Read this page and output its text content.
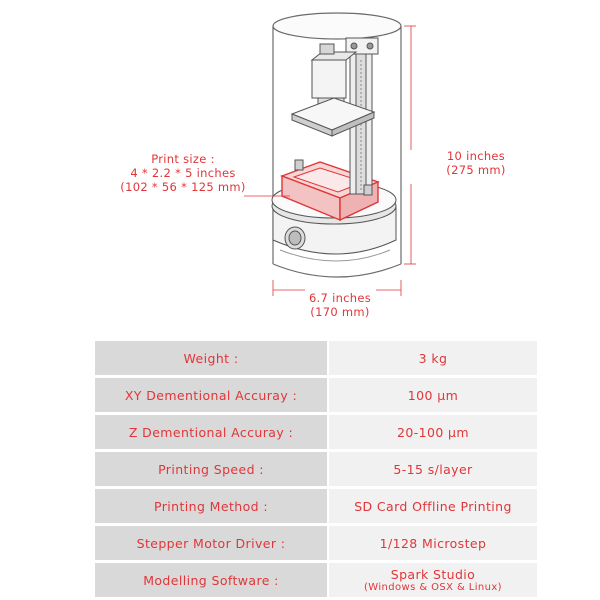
Print size :
4 * 2.2 * 5 inches
(102 * 56 * 125 mm)
10 inches
(275 mm)
6.7 inches
(170 mm)
Weight :	3 kg
XY Dementional Accuray :	100 μm
Z Dementional Accuray :	20-100 μm
Printing Speed :	5-15 s/layer
Printing Method :	SD Card Offline Printing
Stepper Motor Driver :	1/128 Microstep
Modelling Software :	Spark Studio
(Windows & OSX & Linux)
